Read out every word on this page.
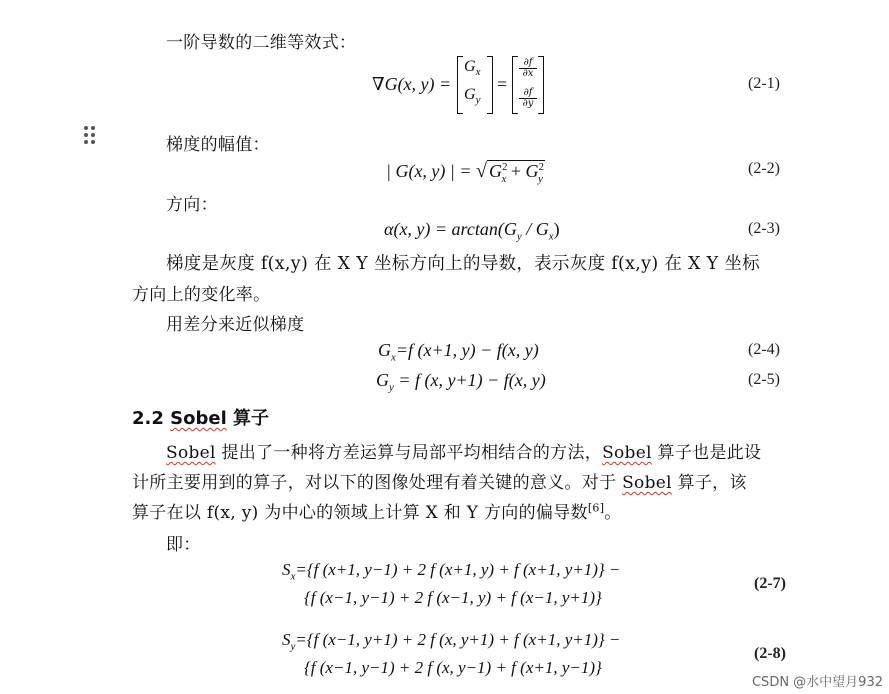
一阶导数的二维等效式：
∇G(x, y) =
$G_x$
$G_y$
=
$\frac{\partial f}{\partial x}$
$\frac{\partial f}{\partial y}$
(2-1)
梯度的幅值：
| G(x, y) | = √ $G^2_x + G^2_y$
(2-2)
方向：
α(x, $y) = \arctan(G_y / G_x)$	(2-3)
梯度是灰度 f(x,y) 在 X Y 坐标方向上的导数，表示灰度 f(x,y) 在 X Y 坐标
方向上的变化率。
用差分来近似梯度
$G_x=f$ (x+1, y) − f(x, y)	(2-4)
$G_y = f$ (x, y+1) − f(x, y)	(2-5)
2.2 Sobel 算子
Sobel 提出了一种将方差运算与局部平均相结合的方法，Sobel 算子也是此设
计所主要用到的算子，对以下的图像处理有着关键的意义。对于 Sobel 算子，该
算子在以 f(x, y) 为中心的领域上计算 X 和 Y 方向的偏导数[6]。
即：
$S_x=\{f$ (x+1, y−1) + 2 f (x+1, y) + f (x+1, y+1)} −
{f (x−1, y−1) + 2 f (x−1, y) + f (x−1, y+1)}
(2-7)
$S_y=\{f$ (x−1, y+1) + 2 f (x, y+1) + f (x+1, y+1)} −
{f (x−1, y−1) + 2 f (x, y−1) + f (x+1, y−1)}
(2-8)
CSDN @水中望月932
